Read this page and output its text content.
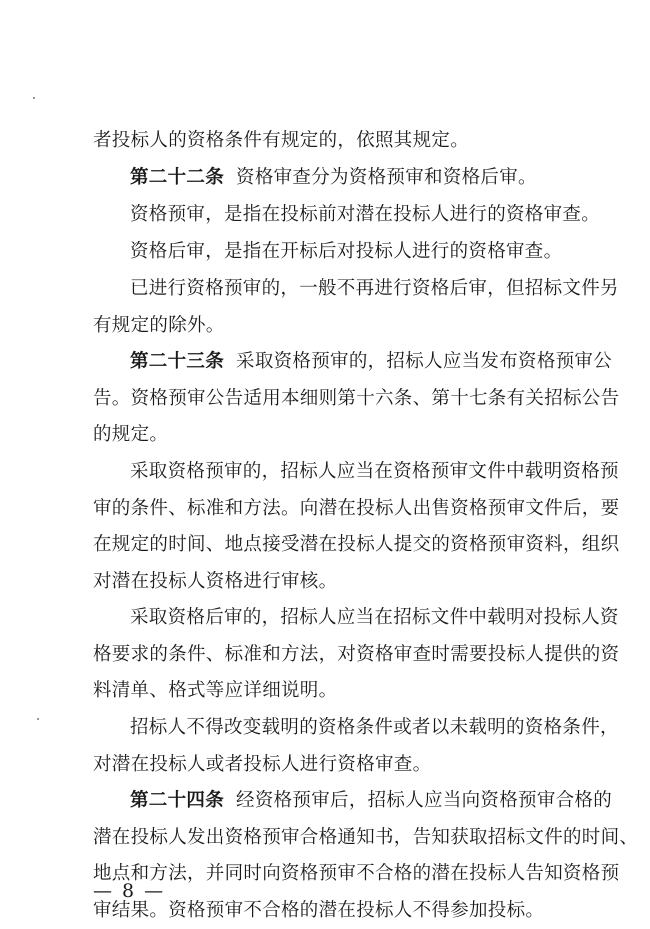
者投标人的资格条件有规定的，依照其规定。

第二十二条 资格审查分为资格预审和资格后审。

资格预审，是指在投标前对潜在投标人进行的资格审查。

资格后审，是指在开标后对投标人进行的资格审查。

已进行资格预审的，一般不再进行资格后审，但招标文件另
有规定的除外。

第二十三条 采取资格预审的，招标人应当发布资格预审公
告。资格预审公告适用本细则第十六条、第十七条有关招标公告
的规定。

采取资格预审的，招标人应当在资格预审文件中载明资格预
审的条件、标准和方法。向潜在投标人出售资格预审文件后，要
在规定的时间、地点接受潜在投标人提交的资格预审资料，组织
对潜在投标人资格进行审核。

采取资格后审的，招标人应当在招标文件中载明对投标人资
格要求的条件、标准和方法，对资格审查时需要投标人提供的资
料清单、格式等应详细说明。

招标人不得改变载明的资格条件或者以未载明的资格条件，
对潜在投标人或者投标人进行资格审查。

第二十四条 经资格预审后，招标人应当向资格预审合格的
潜在投标人发出资格预审合格通知书，告知获取招标文件的时间、
地点和方法，并同时向资格预审不合格的潜在投标人告知资格预
审结果。资格预审不合格的潜在投标人不得参加投标。

— 8 —
